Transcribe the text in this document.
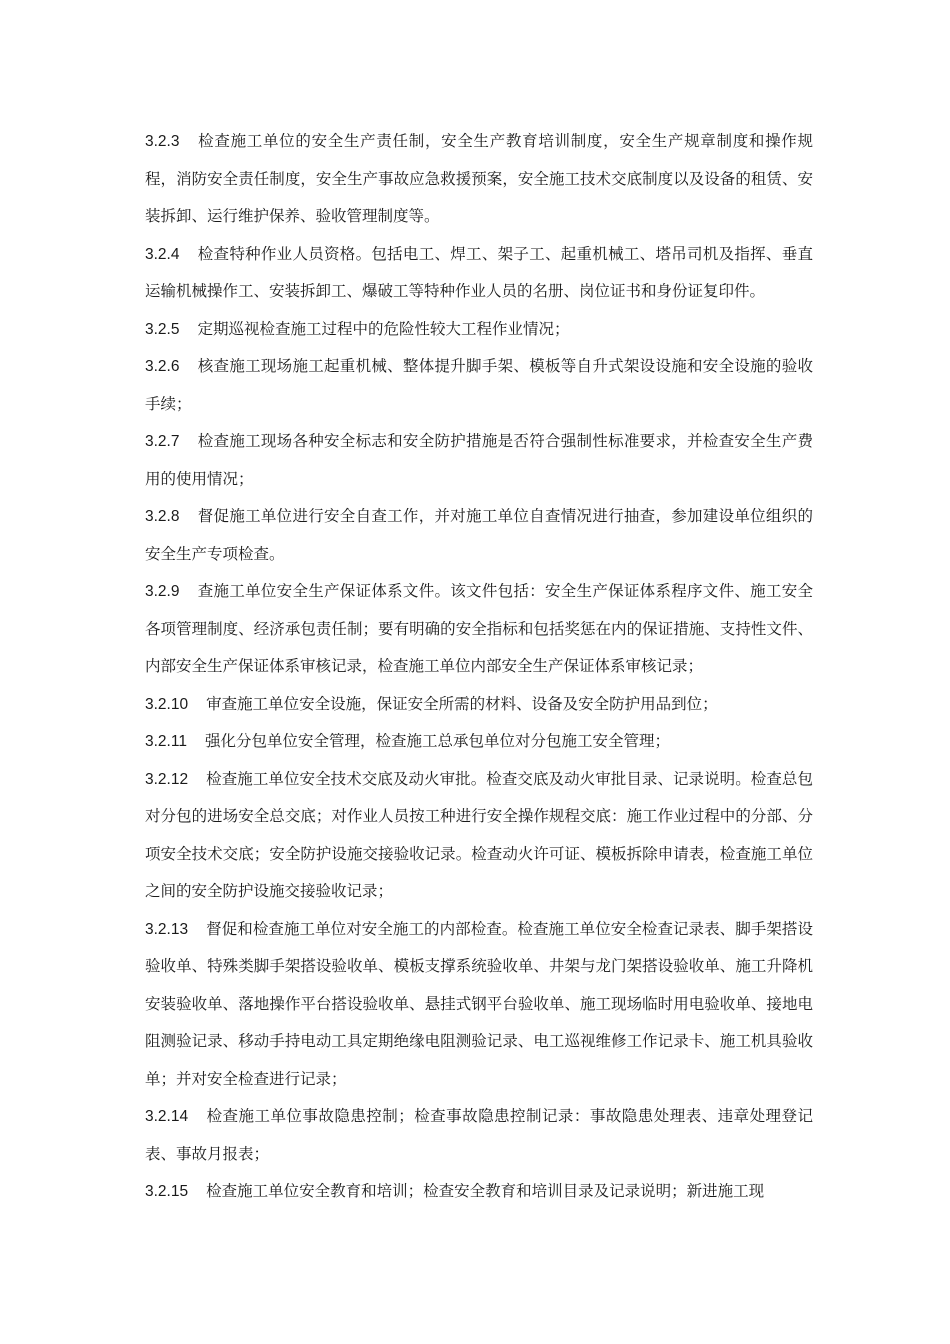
3.2.3 检查施工单位的安全生产责任制，安全生产教育培训制度，安全生产规章制度和操作规程，消防安全责任制度，安全生产事故应急救援预案，安全施工技术交底制度以及设备的租赁、安装拆卸、运行维护保养、验收管理制度等。

3.2.4 检查特种作业人员资格。包括电工、焊工、架子工、起重机械工、塔吊司机及指挥、垂直运输机械操作工、安装拆卸工、爆破工等特种作业人员的名册、岗位证书和身份证复印件。

3.2.5 定期巡视检查施工过程中的危险性较大工程作业情况；

3.2.6 核查施工现场施工起重机械、整体提升脚手架、模板等自升式架设设施和安全设施的验收手续；

3.2.7 检查施工现场各种安全标志和安全防护措施是否符合强制性标准要求，并检查安全生产费用的使用情况；

3.2.8 督促施工单位进行安全自查工作，并对施工单位自查情况进行抽查，参加建设单位组织的安全生产专项检查。

3.2.9 查施工单位安全生产保证体系文件。该文件包括：安全生产保证体系程序文件、施工安全各项管理制度、经济承包责任制；要有明确的安全指标和包括奖惩在内的保证措施、支持性文件、内部安全生产保证体系审核记录，检查施工单位内部安全生产保证体系审核记录；

3.2.10 审查施工单位安全设施，保证安全所需的材料、设备及安全防护用品到位；

3.2.11 强化分包单位安全管理，检查施工总承包单位对分包施工安全管理；

3.2.12 检查施工单位安全技术交底及动火审批。检查交底及动火审批目录、记录说明。检查总包对分包的进场安全总交底；对作业人员按工种进行安全操作规程交底：施工作业过程中的分部、分项安全技术交底；安全防护设施交接验收记录。检查动火许可证、模板拆除申请表，检查施工单位之间的安全防护设施交接验收记录；

3.2.13 督促和检查施工单位对安全施工的内部检查。检查施工单位安全检查记录表、脚手架搭设验收单、特殊类脚手架搭设验收单、模板支撑系统验收单、井架与龙门架搭设验收单、施工升降机安装验收单、落地操作平台搭设验收单、悬挂式钢平台验收单、施工现场临时用电验收单、接地电阻测验记录、移动手持电动工具定期绝缘电阻测验记录、电工巡视维修工作记录卡、施工机具验收单；并对安全检查进行记录；

3.2.14 检查施工单位事故隐患控制；检查事故隐患控制记录：事故隐患处理表、违章处理登记表、事故月报表；

3.2.15 检查施工单位安全教育和培训；检查安全教育和培训目录及记录说明；新进施工现
